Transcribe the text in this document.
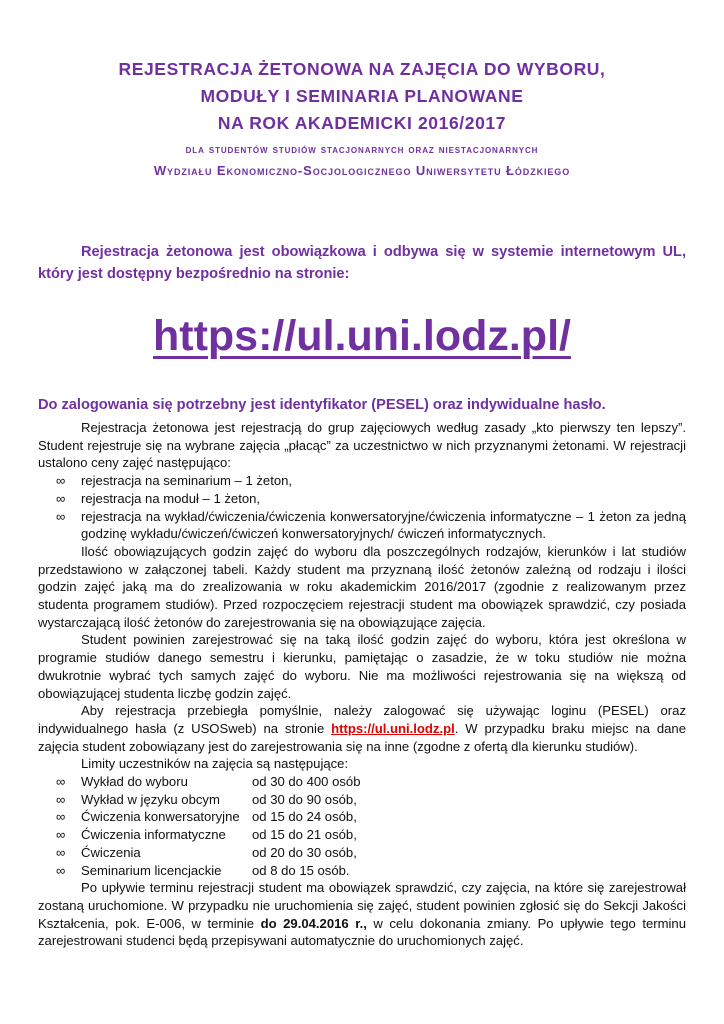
REJESTRACJA ŻETONOWA NA ZAJĘCIA DO WYBORU,
MODUŁY I SEMINARIA PLANOWANE
NA ROK AKADEMICKI 2016/2017
dla studentów studiów stacjonarnych oraz niestacjonarnych
Wydziału Ekonomiczno-Socjologicznego Uniwersytetu Łódzkiego
Rejestracja żetonowa jest obowiązkowa i odbywa się w systemie internetowym UL, który jest dostępny bezpośrednio na stronie:
https://ul.uni.lodz.pl/
Do zalogowania się potrzebny jest identyfikator (PESEL) oraz indywidualne hasło.

Rejestracja żetonowa jest rejestracją do grup zajęciowych według zasady „kto pierwszy ten lepszy”. Student rejestruje się na wybrane zajęcia „płacąc” za uczestnictwo w nich przyznanymi żetonami. W rejestracji ustalono ceny zajęć następująco:

∞ rejestracja na seminarium – 1 żeton,
∞ rejestracja na moduł – 1 żeton,
∞ rejestracja na wykład/ćwiczenia/ćwiczenia konwersatoryjne/ćwiczenia informatyczne – 1 żeton za jedną godzinę wykładu/ćwiczeń/ćwiczeń konwersatoryjnych/ ćwiczeń informatycznych.

Ilość obowiązujących godzin zajęć do wyboru dla poszczególnych rodzajów, kierunków i lat studiów przedstawiono w załączonej tabeli. Każdy student ma przyznaną ilość żetonów zależną od rodzaju i ilości godzin zajęć jaką ma do zrealizowania w roku akademickim 2016/2017 (zgodnie z realizowanym przez studenta programem studiów). Przed rozpoczęciem rejestracji student ma obowiązek sprawdzić, czy posiada wystarczającą ilość żetonów do zarejestrowania się na obowiązujące zajęcia.

Student powinien zarejestrować się na taką ilość godzin zajęć do wyboru, która jest określona w programie studiów danego semestru i kierunku, pamiętając o zasadzie, że w toku studiów nie można dwukrotnie wybrać tych samych zajęć do wyboru. Nie ma możliwości rejestrowania się na większą od obowiązującej studenta liczbę godzin zajęć.

Aby rejestracja przebiegła pomyślnie, należy zalogować się używając loginu (PESEL) oraz indywidualnego hasła (z USOSweb) na stronie https://ul.uni.lodz.pl. W przypadku braku miejsc na dane zajęcia student zobowiązany jest do zarejestrowania się na inne (zgodne z ofertą dla kierunku studiów).

Limity uczestników na zajęcia są następujące:

∞ Wykład do wyboru	od 30 do 400 osób
∞ Wykład w języku obcym od 30 do 90 osób,
∞ Ćwiczenia konwersatoryjne od 15 do 24 osób,
∞ Ćwiczenia informatyczne od 15 do 21 osób,
∞ Ćwiczenia	od 20 do 30 osób,
∞ Seminarium licencjackie od 8 do 15 osób.

Po upływie terminu rejestracji student ma obowiązek sprawdzić, czy zajęcia, na które się zarejestrował zostaną uruchomione. W przypadku nie uruchomienia się zajęć, student powinien zgłosić się do Sekcji Jakości Kształcenia, pok. E-006, w terminie do 29.04.2016 r., w celu dokonania zmiany. Po upływie tego terminu zarejestrowani studenci będą przepisywani automatycznie do uruchomionych zajęć.
